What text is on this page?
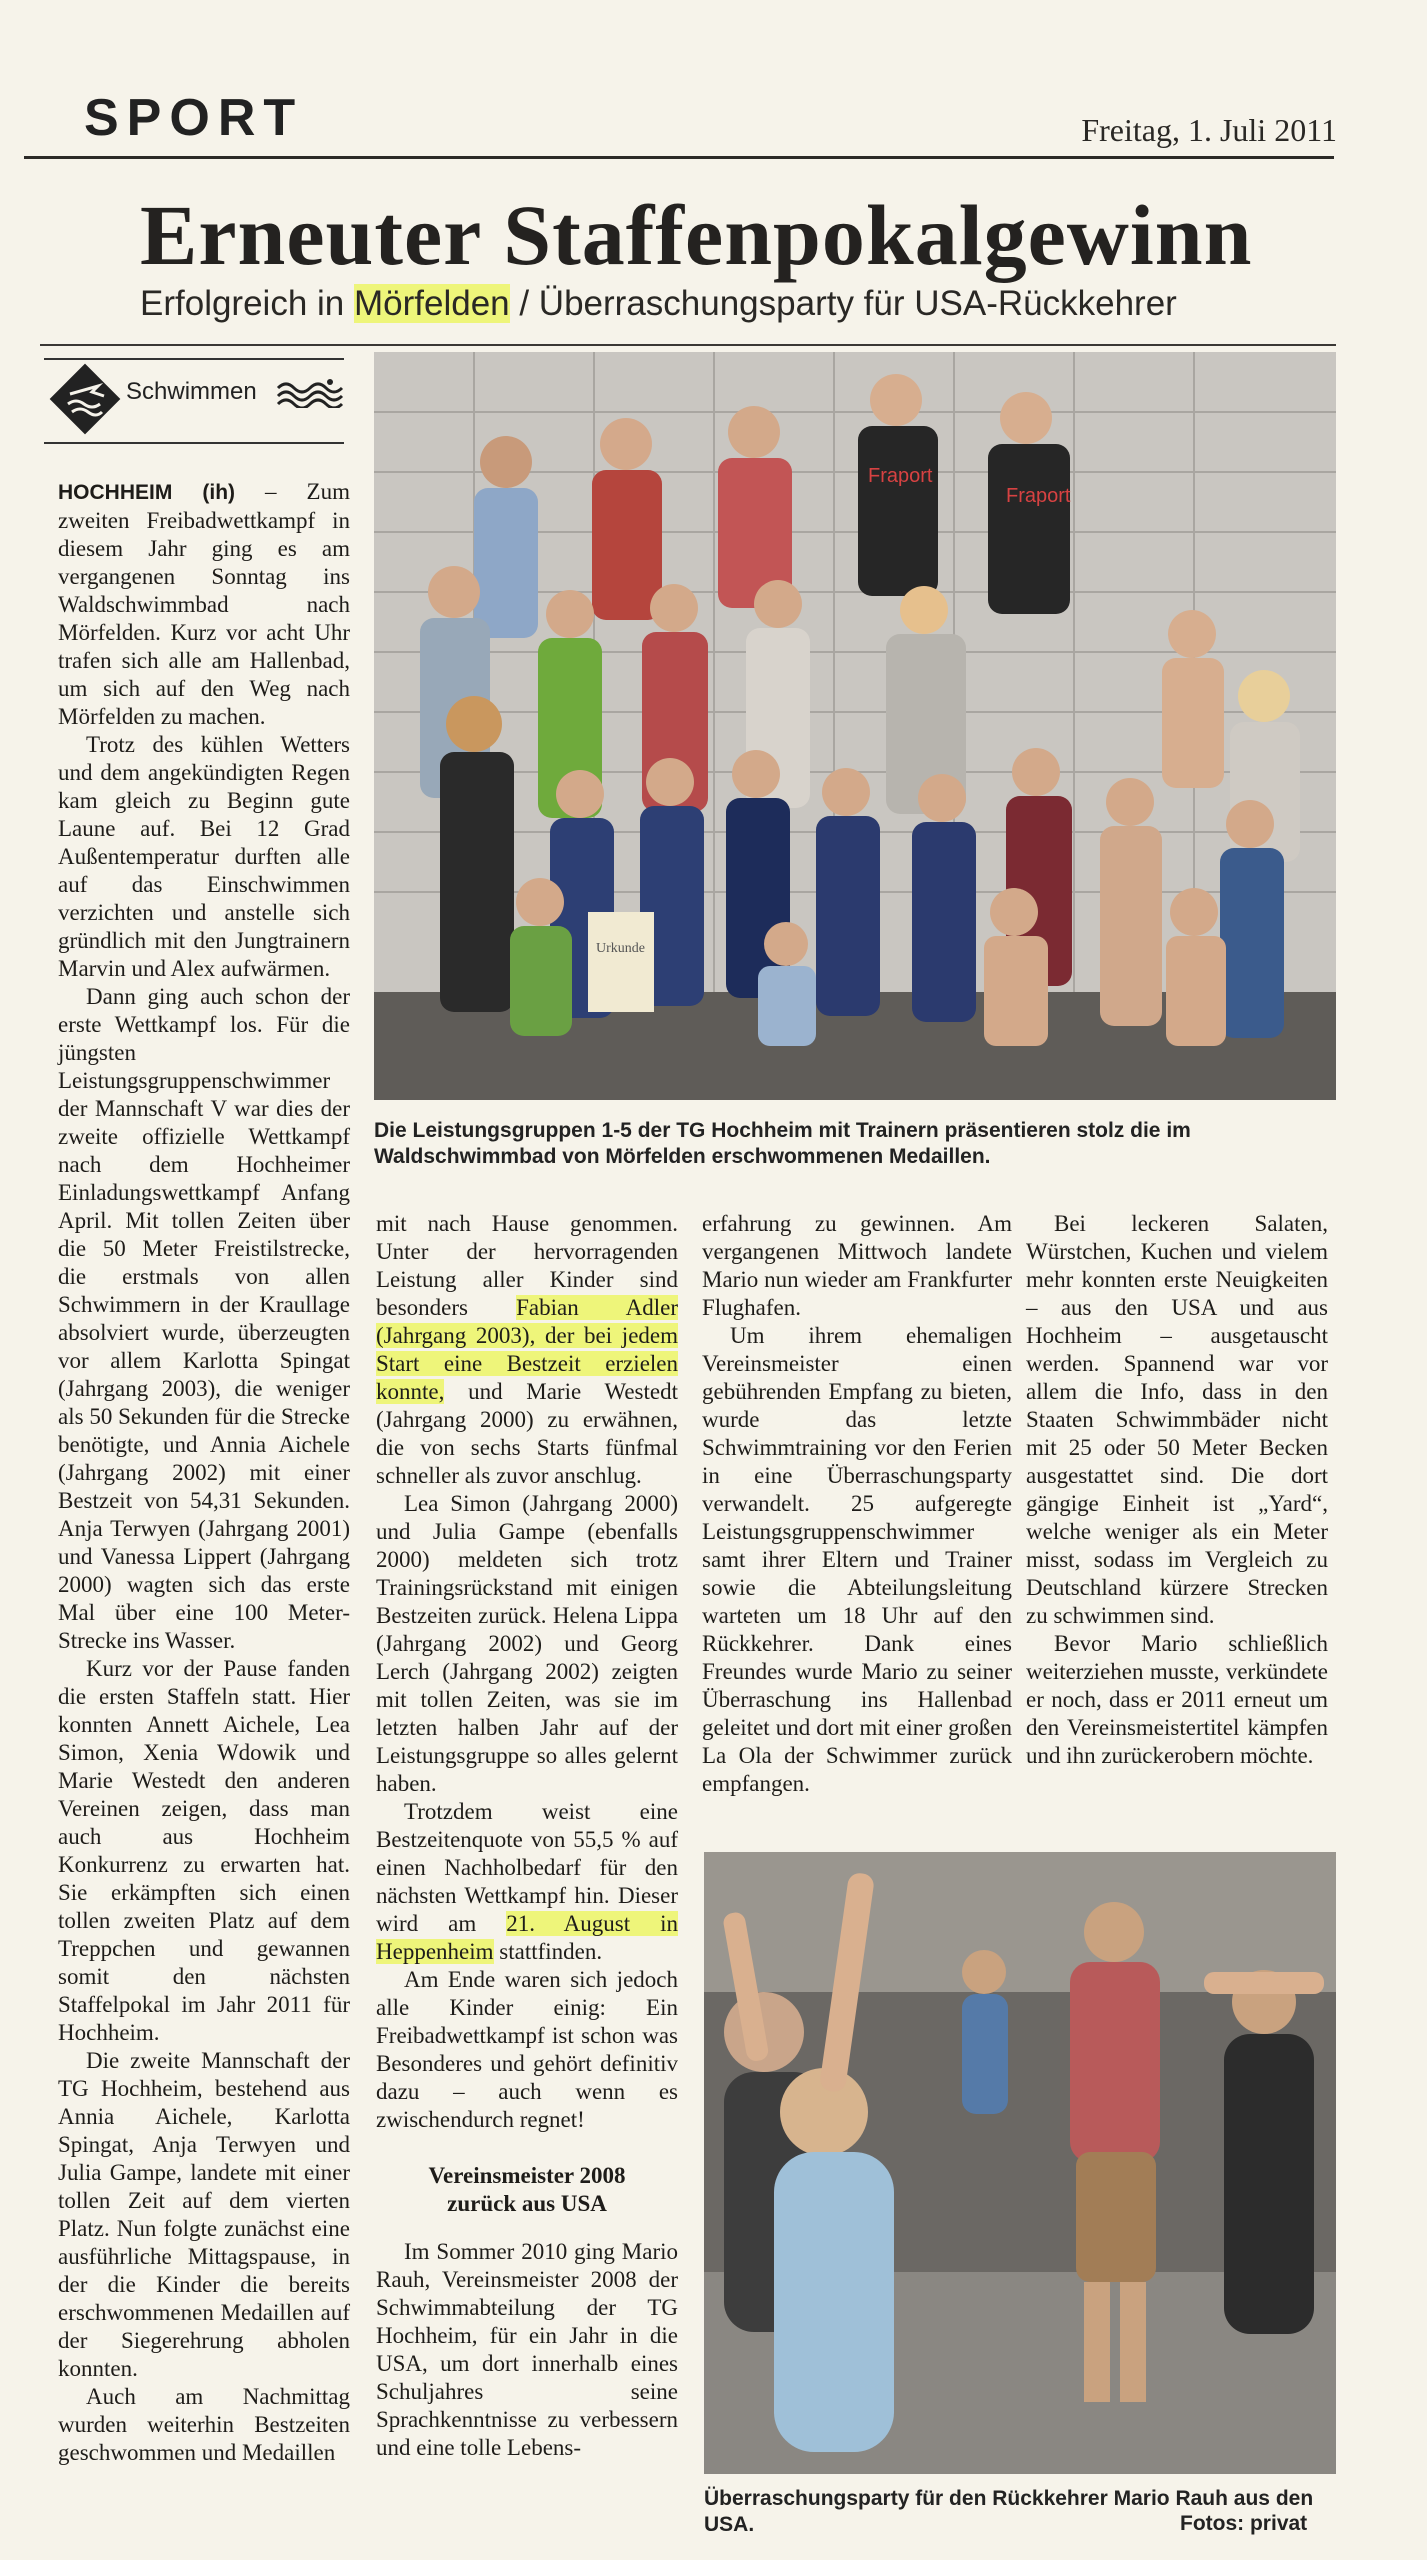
SPORT	Freitag, 1. Juli 2011
Erneuter Staffenpokalgewinn
Erfolgreich in Mörfelden / Überraschungsparty für USA-Rückkehrer
Schwimmen
Fraport
Fraport
Urkunde
Die Leistungsgruppen 1-5 der TG Hochheim mit Trainern präsentieren stolz die im Waldschwimmbad von Mörfelden erschwommenen Medaillen.

HOCHHEIM (ih) – Zum zweiten Freibadwettkampf in diesem Jahr ging es am vergangenen Sonntag ins Waldschwimmbad nach Mörfelden. Kurz vor acht Uhr trafen sich alle am Hallenbad, um sich auf den Weg nach Mörfelden zu machen.

Trotz des kühlen Wetters und dem angekündigten Regen kam gleich zu Beginn gute Laune auf. Bei 12 Grad Außentemperatur durften alle auf das Einschwimmen verzichten und anstelle sich gründlich mit den Jungtrainern Marvin und Alex aufwärmen.

Dann ging auch schon der erste Wettkampf los. Für die jüngsten Leistungsgruppenschwimmer der Mannschaft V war dies der zweite offizielle Wettkampf nach dem Hochheimer Einladungswettkampf Anfang April. Mit tollen Zeiten über die 50 Meter Freistilstrecke, die erstmals von allen Schwimmern in der Kraullage absolviert wurde, überzeugten vor allem Karlotta Spingat (Jahrgang 2003), die weniger als 50 Sekunden für die Strecke benötigte, und Annia Aichele (Jahrgang 2002) mit einer Bestzeit von 54,31 Sekunden. Anja Terwyen (Jahrgang 2001) und Vanessa Lippert (Jahrgang 2000) wagten sich das erste Mal über eine 100 Meter-Strecke ins Wasser.

Kurz vor der Pause fanden die ersten Staffeln statt. Hier konnten Annett Aichele, Lea Simon, Xenia Wdowik und Marie Westedt den anderen Vereinen zeigen, dass man auch aus Hochheim Konkurrenz zu erwarten hat. Sie erkämpften sich einen tollen zweiten Platz auf dem Treppchen und gewannen somit den nächsten Staffelpokal im Jahr 2011 für Hochheim.

Die zweite Mannschaft der TG Hochheim, bestehend aus Annia Aichele, Karlotta Spingat, Anja Terwyen und Julia Gampe, landete mit einer tollen Zeit auf dem vierten Platz. Nun folgte zunächst eine ausführliche Mittagspause, in der die Kinder die bereits erschwommenen Medaillen auf der Siegerehrung abholen konnten.

Auch am Nachmittag wurden weiterhin Bestzeiten geschwommen und Medaillen

mit nach Hause genommen. Unter der hervorragenden Leistung aller Kinder sind besonders Fabian Adler (Jahrgang 2003), der bei jedem Start eine Bestzeit erzielen konnte, und Marie Westedt (Jahrgang 2000) zu erwähnen, die von sechs Starts fünfmal schneller als zuvor anschlug.

Lea Simon (Jahrgang 2000) und Julia Gampe (ebenfalls 2000) meldeten sich trotz Trainingsrückstand mit einigen Bestzeiten zurück. Helena Lippa (Jahrgang 2002) und Georg Lerch (Jahrgang 2002) zeigten mit tollen Zeiten, was sie im letzten halben Jahr auf der Leistungsgruppe so alles gelernt haben.

Trotzdem weist eine Bestzeitenquote von 55,5 % auf einen Nachholbedarf für den nächsten Wettkampf hin. Dieser wird am 21. August in Heppenheim stattfinden.

Am Ende waren sich jedoch alle Kinder einig: Ein Freibadwettkampf ist schon was Besonderes und gehört definitiv dazu – auch wenn es zwischendurch regnet!

Vereinsmeister 2008
zurück aus USA

Im Sommer 2010 ging Mario Rauh, Vereinsmeister 2008 der Schwimmabteilung der TG Hochheim, für ein Jahr in die USA, um dort innerhalb eines Schuljahres seine Sprachkenntnisse zu verbessern und eine tolle Lebens-

erfahrung zu gewinnen. Am vergangenen Mittwoch landete Mario nun wieder am Frankfurter Flughafen.

Um ihrem ehemaligen Vereinsmeister einen gebührenden Empfang zu bieten, wurde das letzte Schwimmtraining vor den Ferien in eine Überraschungsparty verwandelt. 25 aufgeregte Leistungsgruppenschwimmer samt ihrer Eltern und Trainer sowie die Abteilungsleitung warteten um 18 Uhr auf den Rückkehrer. Dank eines Freundes wurde Mario zu seiner Überraschung ins Hallenbad geleitet und dort mit einer großen La Ola der Schwimmer zurück empfangen.

Bei leckeren Salaten, Würstchen, Kuchen und vielem mehr konnten erste Neuigkeiten – aus den USA und aus Hochheim – ausgetauscht werden. Spannend war vor allem die Info, dass in den Staaten Schwimmbäder nicht mit 25 oder 50 Meter Becken ausgestattet sind. Die dort gängige Einheit ist „Yard“, welche weniger als ein Meter misst, sodass im Vergleich zu Deutschland kürzere Strecken zu schwimmen sind.

Bevor Mario schließlich weiterziehen musste, verkündete er noch, dass er 2011 erneut um den Vereinsmeistertitel kämpfen und ihn zurückerobern möchte.

Überraschungsparty für den Rückkehrer Mario Rauh aus den USA.	Fotos: privat
